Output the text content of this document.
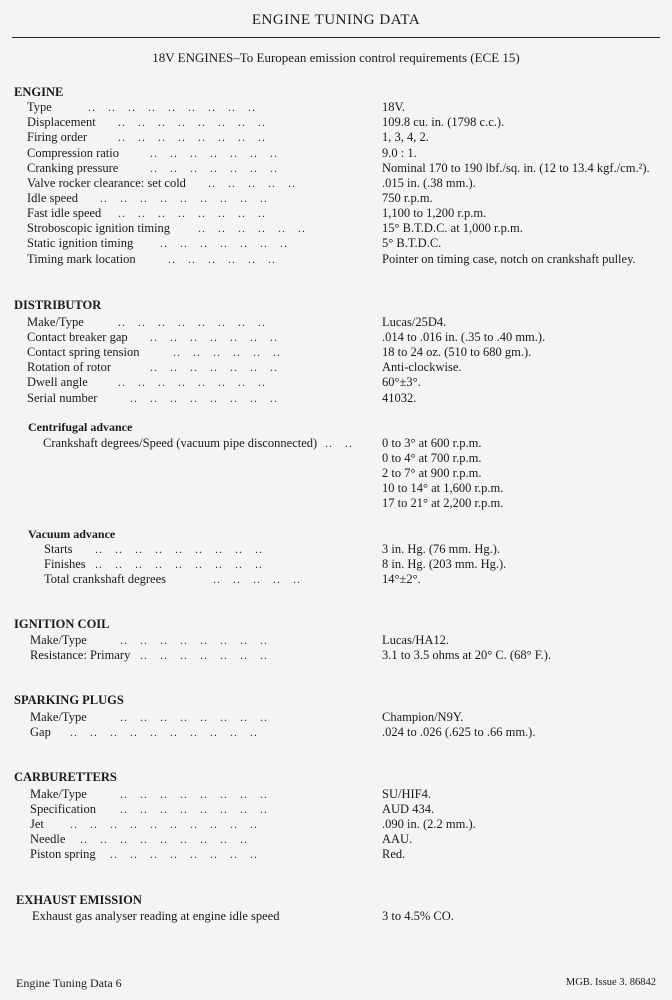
ENGINE TUNING DATA
18V ENGINES–To European emission control requirements (ECE 15)
ENGINE
Type	18V.
Displacement	109.8 cu. in. (1798 c.c.).
Firing order	1, 3, 4, 2.
Compression ratio	9.0 : 1.
Cranking pressure	Nominal 170 to 190 lbf./sq. in. (12 to 13.4 kgf./cm.²).
Valve rocker clearance: set cold	.015 in. (.38 mm.).
Idle speed	750 r.p.m.
Fast idle speed	1,100 to 1,200 r.p.m.
Stroboscopic ignition timing	15° B.T.D.C. at 1,000 r.p.m.
Static ignition timing	5° B.T.D.C.
Timing mark location	Pointer on timing case, notch on crankshaft pulley.
DISTRIBUTOR
Make/Type	Lucas/25D4.
Contact breaker gap	.014 to .016 in. (.35 to .40 mm.).
Contact spring tension	18 to 24 oz. (510 to 680 gm.).
Rotation of rotor	Anti-clockwise.
Dwell angle	60°±3°.
Serial number	41032.
Centrifugal advance
Crankshaft degrees/Speed (vacuum pipe disconnected)	0 to 3° at 600 r.p.m.
0 to 4° at 700 r.p.m.
2 to 7° at 900 r.p.m.
10 to 14° at 1,600 r.p.m.
17 to 21° at 2,200 r.p.m.
Vacuum advance
Starts	3 in. Hg. (76 mm. Hg.).
Finishes	8 in. Hg. (203 mm. Hg.).
Total crankshaft degrees	14°±2°.
IGNITION COIL
Make/Type	Lucas/HA12.
Resistance: Primary	3.1 to 3.5 ohms at 20° C. (68° F.).
SPARKING PLUGS
Make/Type	Champion/N9Y.
Gap	.024 to .026 (.625 to .66 mm.).
CARBURETTERS
Make/Type	SU/HIF4.
Specification	AUD 434.
Jet	.090 in. (2.2 mm.).
Needle	AAU.
Piston spring	Red.
EXHAUST EMISSION
Exhaust gas analyser reading at engine idle speed	3 to 4.5% CO.
..   ..   ..   ..   ..   ..   ..   ..   ..
..   ..   ..   ..   ..   ..   ..   ..
..   ..   ..   ..   ..   ..   ..   ..
..   ..   ..   ..   ..   ..   ..
..   ..   ..   ..   ..   ..   ..
..   ..   ..   ..   ..
..   ..   ..   ..   ..   ..   ..   ..   ..
..   ..   ..   ..   ..   ..   ..   ..
..   ..   ..   ..   ..   ..
..   ..   ..   ..   ..   ..   ..
..   ..   ..   ..   ..   ..
..   ..   ..   ..   ..   ..   ..   ..
..   ..   ..   ..   ..   ..   ..
..   ..   ..   ..   ..   ..
..   ..   ..   ..   ..   ..   ..
..   ..   ..   ..   ..   ..   ..   ..
..   ..   ..   ..   ..   ..   ..   ..
..   ..
..   ..   ..   ..   ..   ..   ..   ..   ..
..   ..   ..   ..   ..   ..   ..   ..   ..
..   ..   ..   ..   ..
..   ..   ..   ..   ..   ..   ..   ..
..   ..   ..   ..   ..   ..   ..
..   ..   ..   ..   ..   ..   ..   ..
..   ..   ..   ..   ..   ..   ..   ..   ..   ..
..   ..   ..   ..   ..   ..   ..   ..
..   ..   ..   ..   ..   ..   ..   ..
..   ..   ..   ..   ..   ..   ..   ..   ..   ..
..   ..   ..   ..   ..   ..   ..   ..   ..
..   ..   ..   ..   ..   ..   ..   ..
Engine Tuning Data 6	MGB. Issue 3. 86842
